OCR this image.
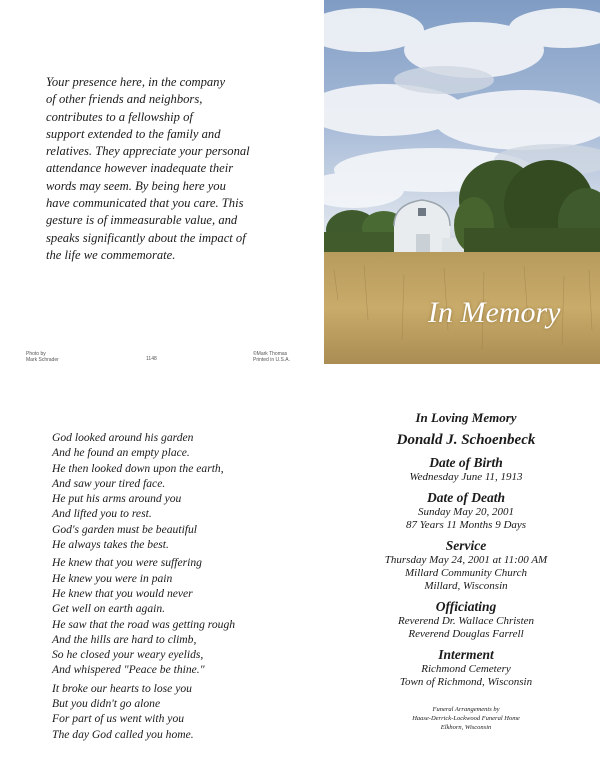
Your presence here, in the company
of other friends and neighbors,
contributes to a fellowship of
support extended to the family and
relatives. They appreciate your personal
attendance however inadequate their
words may seem. By being here you
have communicated that you care. This
gesture is of immeasurable value, and
speaks significantly about the impact of
the life we commemorate.
Photo by
Mark Schrader	1148
©Mark Thomas
Printed in U.S.A.
In Memory
God looked around his garden
And he found an empty place.
He then looked down upon the earth,
And saw your tired face.
He put his arms around you
And lifted you to rest.
God's garden must be beautiful
He always takes the best.
He knew that you were suffering
He knew you were in pain
He knew that you would never
Get well on earth again.
He saw that the road was getting rough
And the hills are hard to climb,
So he closed your weary eyelids,
And whispered "Peace be thine."
It broke our hearts to lose you
But you didn't go alone
For part of us went with you
The day God called you home.
In Loving Memory
Donald J. Schoenbeck
Date of Birth
Wednesday June 11, 1913
Date of Death
Sunday May 20, 2001
87 Years 11 Months 9 Days
Service
Thursday May 24, 2001 at 11:00 AM
Millard Community Church
Millard, Wisconsin
Officiating
Reverend Dr. Wallace Christen
Reverend Douglas Farrell
Interment
Richmond Cemetery
Town of Richmond, Wisconsin
Funeral Arrangements by
Haase-Derrick-Lockwood Funeral Home
Elkhorn, Wisconsin
